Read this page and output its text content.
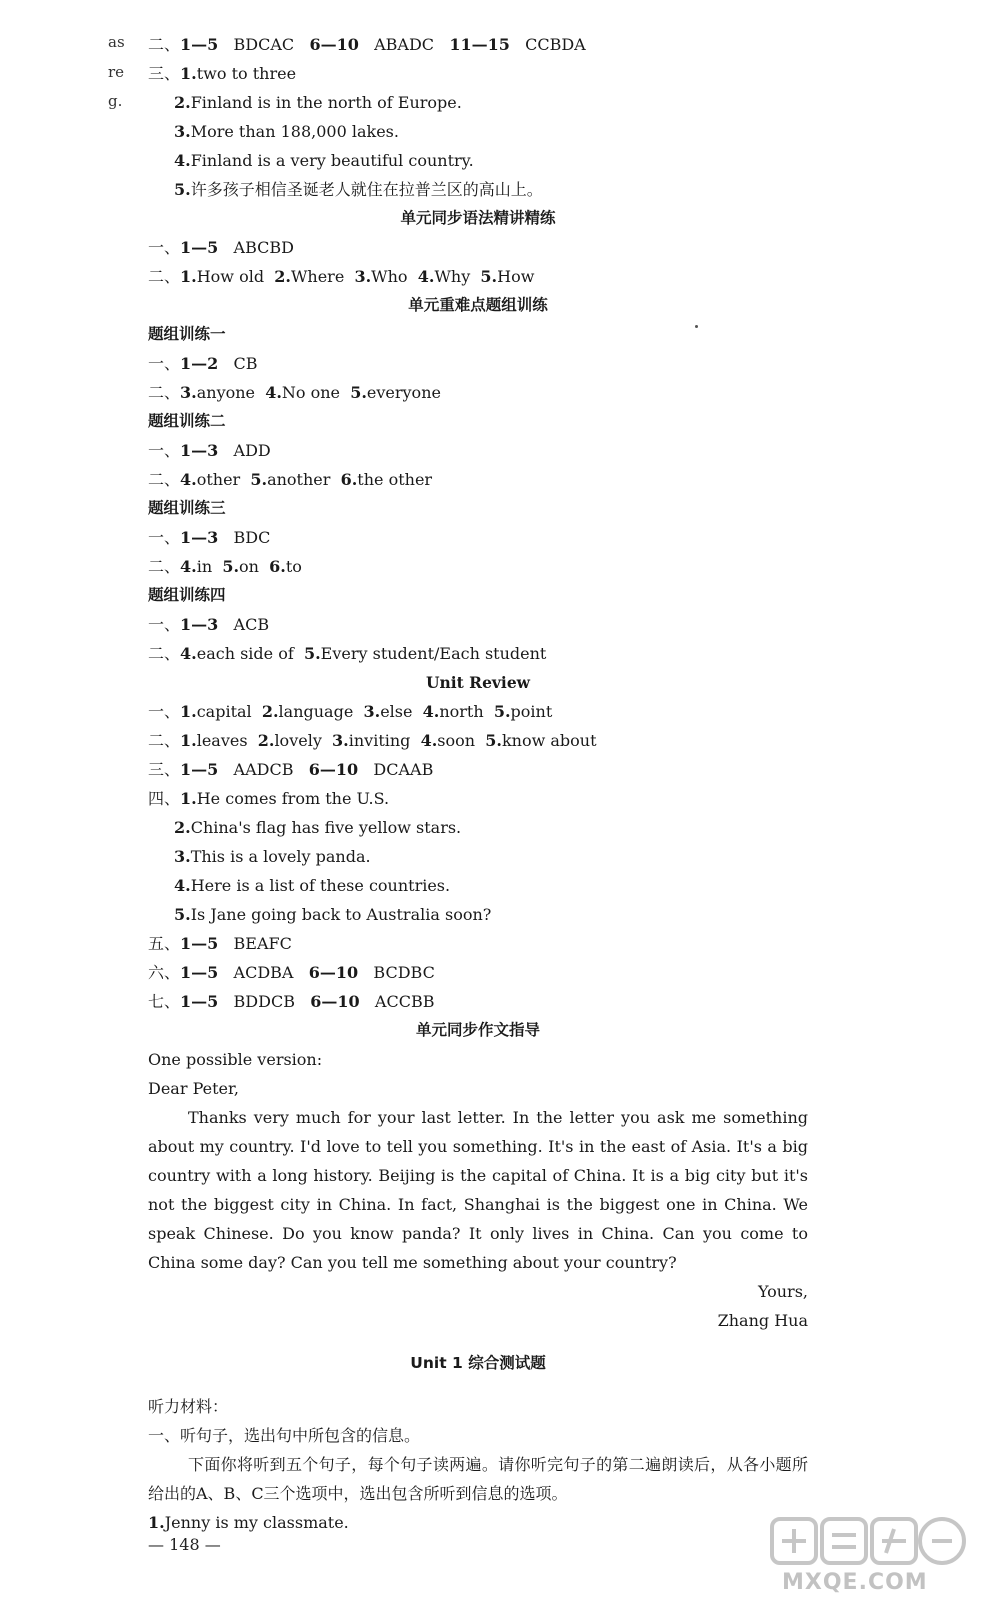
as
re
g.
二、1—5 BDCAC 6—10 ABADC 11—15 CCBDA
三、1.two to three
2.Finland is in the north of Europe.
3.More than 188,000 lakes.
4.Finland is a very beautiful country.
5.许多孩子相信圣诞老人就住在拉普兰区的高山上。
单元同步语法精讲精练
一、1—5 ABCBD
二、1.How old 2.Where 3.Who 4.Why 5.How
单元重难点题组训练
题组训练一
一、1—2 CB
二、3.anyone 4.No one 5.everyone
题组训练二
一、1—3 ADD
二、4.other 5.another 6.the other
题组训练三
一、1—3 BDC
二、4.in 5.on 6.to
题组训练四
一、1—3 ACB
二、4.each side of 5.Every student/Each student
Unit Review
一、1.capital 2.language 3.else 4.north 5.point
二、1.leaves 2.lovely 3.inviting 4.soon 5.know about
三、1—5 AADCB 6—10 DCAAB
四、1.He comes from the U.S.
2.China's flag has five yellow stars.
3.This is a lovely panda.
4.Here is a list of these countries.
5.Is Jane going back to Australia soon?
五、1—5 BEAFC
六、1—5 ACDBA 6—10 BCDBC
七、1—5 BDDCB 6—10 ACCBB
单元同步作文指导
One possible version:
Dear Peter,

Thanks very much for your last letter. In the letter you ask me something about my country. I'd love to tell you something. It's in the east of Asia. It's a big country with a long history. Beijing is the capital of China. It is a big city but it's not the biggest city in China. In fact, Shanghai is the biggest one in China. We speak Chinese. Do you know panda? It only lives in China. Can you come to China some day? Can you tell me something about your country?

Yours,
Zhang Hua
Unit 1 综合测试题
听力材料：
一、听句子，选出句中所包含的信息。

下面你将听到五个句子，每个句子读两遍。请你听完句子的第二遍朗读后，从各小题所给出的A、B、C三个选项中，选出包含所听到信息的选项。

1.Jenny is my classmate.
— 148 —
MXQE.COM
